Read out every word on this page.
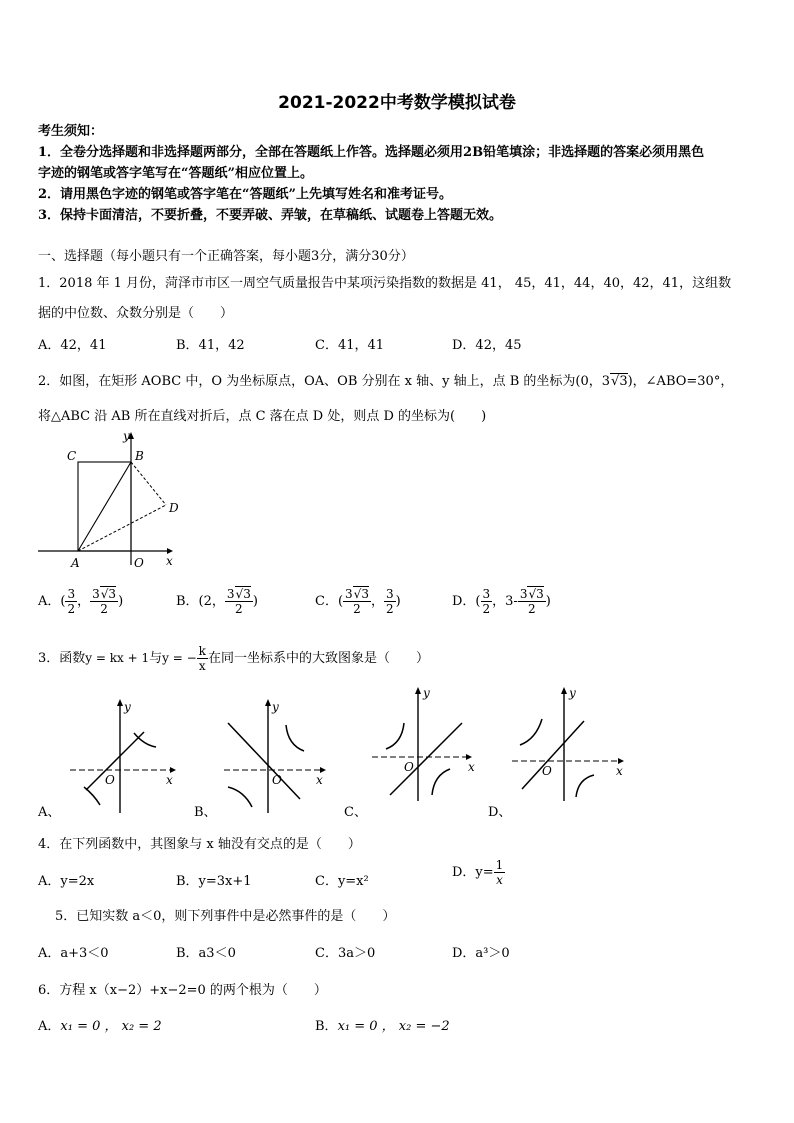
2021-2022中考数学模拟试卷
考生须知：
1．全卷分选择题和非选择题两部分，全部在答题纸上作答。选择题必须用2B铅笔填涂；非选择题的答案必须用黑色
字迹的钢笔或答字笔写在“答题纸”相应位置上。
2．请用黑色字迹的钢笔或答字笔在“答题纸”上先填写姓名和准考证号。
3．保持卡面清洁，不要折叠，不要弄破、弄皱，在草稿纸、试题卷上答题无效。
一、选择题（每小题只有一个正确答案，每小题3分，满分30分）
1．2018 年 1 月份，菏泽市市区一周空气质量报告中某项污染指数的数据是 41， 45，41，44，40，42，41，这组数
据的中位数、众数分别是（　　）
A．42，41	B．41，42	C．41，41	D．42，45
2．如图，在矩形 AOBC 中，O 为坐标原点，OA、OB 分别在 x 轴、y 轴上，点 B 的坐标为(0，3√3)，∠ABO=30°，
将△ABC 沿 AB 所在直线对折后，点 C 落在点 D 处，则点 D 的坐标为(　　)
C	B
D
A	O x
y
A．( $\frac{3}{2}$ ， $\frac{3√3}{2}$ )	B．(2， $\frac{3√3}{2}$ )	C．( $\frac{3√3}{2}$ ， $\frac{3}{2}$ )	D．( $\frac{3}{2}$ ，$3- \frac{3√3}{2}$ )
3．函数y = kx + 1与y = − $\frac{k}{x}$ 在同一坐标系中的大致图象是（　　）
y
O	x
A、
y
O	x
B、
y
O	x
C、
y
O	x
D、
4．在下列函数中，其图象与 x 轴没有交点的是（　　）
A．y=2x	B．y=3x+1	C．y=x²
D．$y= \frac{1}{x}$
5．已知实数 a＜0，则下列事件中是必然事件的是（　　）
A．a+3＜0	B．a3＜0	C．3a＞0	D．a³＞0
6．方程 x（x−2）+x−2=0 的两个根为（　　）
A．x₁ = 0 ， x₂ = 2	B．x₁ = 0 ， x₂ = −2
